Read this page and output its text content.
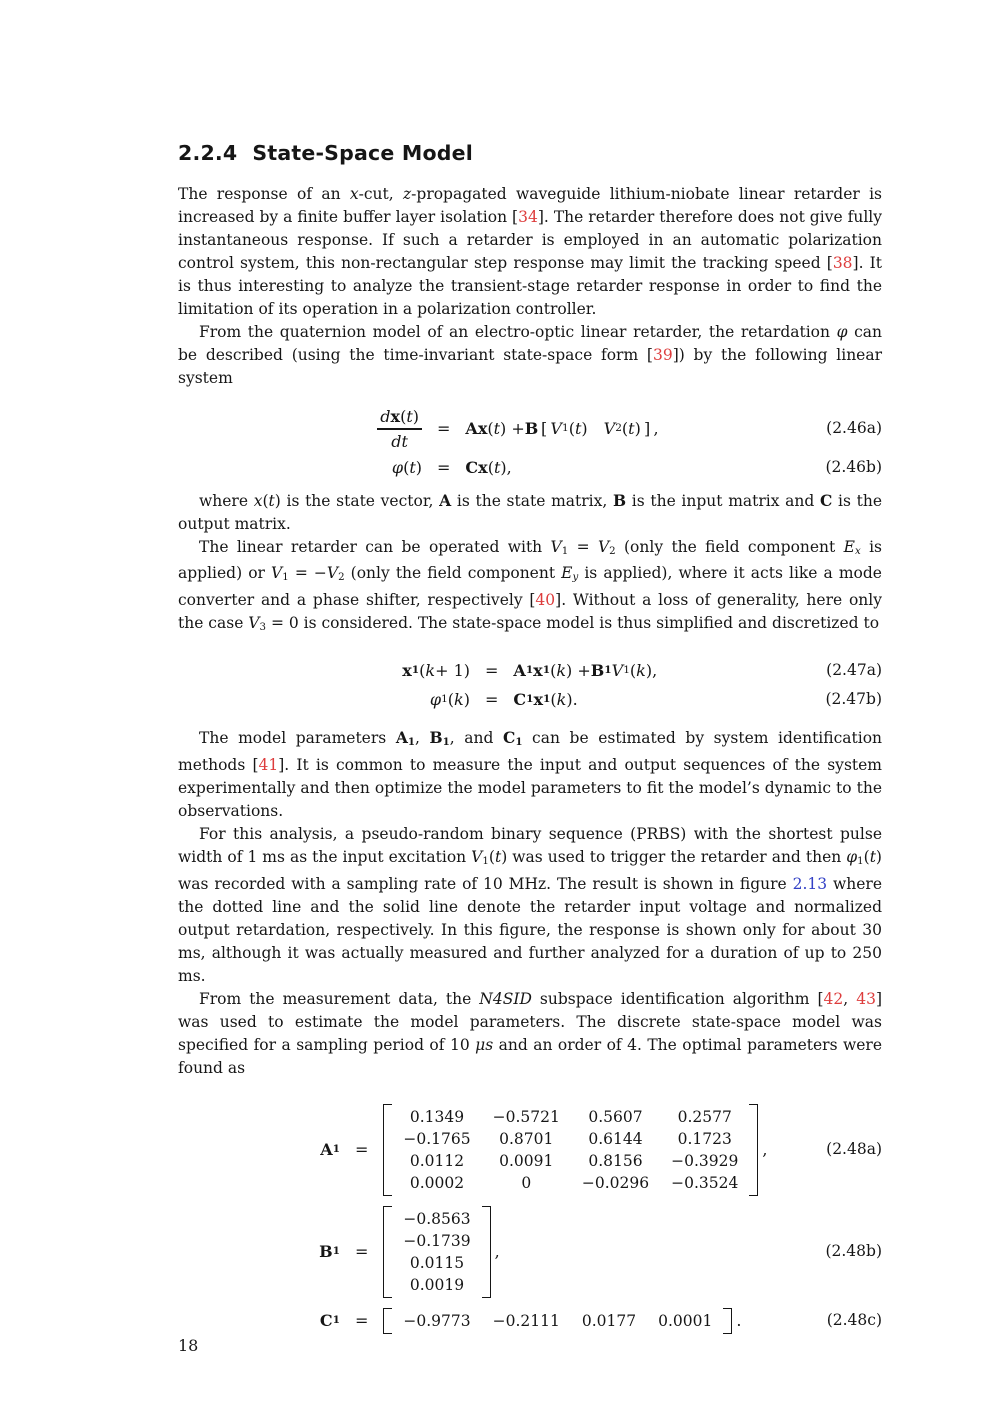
2.2.4 State-Space Model

The response of an x-cut, z-propagated waveguide lithium-niobate linear retarder is increased by a finite buffer layer isolation [34]. The retarder therefore does not give fully instantaneous response. If such a retarder is employed in an automatic polarization control system, this non-rectangular step response may limit the tracking speed [38]. It is thus interesting to analyze the transient-stage retarder response in order to find the limitation of its operation in a polarization controller.

From the quaternion model of an electro-optic linear retarder, the retardation φ can be described (using the time-invariant state-space form [39]) by the following linear system

$\frac{dx(t)}{dt} = Ax$ ( t ) + B  [  V 1 ( t )
   V 2 ( t ) ] ,	(2.46a)
φ ( t ) = Cx ( t ),	(2.46b)

where x(t) is the state vector, A is the state matrix, B is the input matrix and C is the output matrix.

The linear retarder can be operated with V1 = V2 (only the field component Ex is applied) or V1 = −V2 (only the field component Ey is applied), where it acts like a mode converter and a phase shifter, respectively [40]. Without a loss of generality, here only the case V3 = 0 is considered. The state-space model is thus simplified and discretized to

x 1 ( k + 1) = A 1 x 1 ( k ) + B 1 V 1 ( k ),	(2.47a)
φ 1 ( k ) = C 1 x 1 ( k ).	(2.47b)

The model parameters A1, B1, and C1 can be estimated by system identification methods [41]. It is common to measure the input and output sequences of the system experimentally and then optimize the model parameters to fit the model’s dynamic to the observations.

For this analysis, a pseudo-random binary sequence (PRBS) with the shortest pulse width of 1 ms as the input excitation V1(t) was used to trigger the retarder and then φ1(t) was recorded with a sampling rate of 10 MHz. The result is shown in figure 2.13 where the dotted line and the solid line denote the retarder input voltage and normalized output retardation, respectively. In this figure, the response is shown only for about 30 ms, although it was actually measured and further analyzed for a duration of up to 250 ms.

From the measurement data, the N4SID subspace identification algorithm [42, 43] was used to estimate the model parameters. The discrete state-space model was specified for a sampling period of 10 μs and an order of 4. The optimal parameters were found as

A 1 =
0.1349	−0.5721	0.5607	0.2577
−0.1765	0.8701	0.6144	0.1723
0.0112	0.0091	0.8156	−0.3929
0.0002	0	−0.0296 −0.3524
,	(2.48a)
B 1 =
−0.8563
−0.1739
0.0115
0.0019
,	(2.48b)
C 1 = −0.9773 −0.2111 0.0177 0.0001 .	(2.48c)
18
